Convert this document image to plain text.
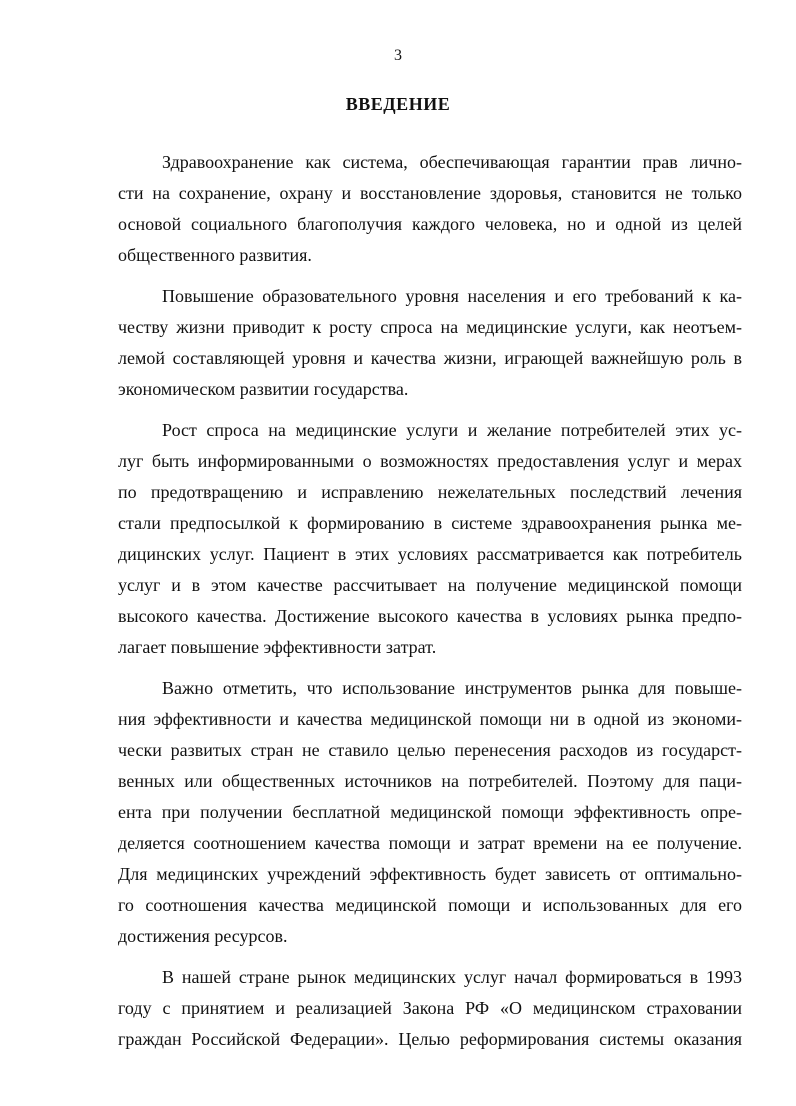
3
ВВЕДЕНИЕ
Здравоохранение как система, обеспечивающая гарантии прав лично-
сти на сохранение, охрану и восстановление здоровья, становится не только
основой социального благополучия каждого человека, но и одной из целей
общественного развития.
Повышение образовательного уровня населения и его требований к ка-
честву жизни приводит к росту спроса на медицинские услуги, как неотъем-
лемой составляющей уровня и качества жизни, играющей важнейшую роль в
экономическом развитии государства.
Рост спроса на медицинские услуги и желание потребителей этих ус-
луг быть информированными о возможностях предоставления услуг и мерах
по предотвращению и исправлению нежелательных последствий лечения
стали предпосылкой к формированию в системе здравоохранения рынка ме-
дицинских услуг. Пациент в этих условиях рассматривается как потребитель
услуг и в этом качестве рассчитывает на получение медицинской помощи
высокого качества. Достижение высокого качества в условиях рынка предпо-
лагает повышение эффективности затрат.
Важно отметить, что использование инструментов рынка для повыше-
ния эффективности и качества медицинской помощи ни в одной из экономи-
чески развитых стран не ставило целью перенесения расходов из государст-
венных или общественных источников на потребителей. Поэтому для паци-
ента при получении бесплатной медицинской помощи эффективность опре-
деляется соотношением качества помощи и затрат времени на ее получение.
Для медицинских учреждений эффективность будет зависеть от оптимально-
го соотношения качества медицинской помощи и использованных для его
достижения ресурсов.
В нашей стране рынок медицинских услуг начал формироваться в 1993
году с принятием и реализацией Закона РФ «О медицинском страховании
граждан Российской Федерации». Целью реформирования системы оказания
